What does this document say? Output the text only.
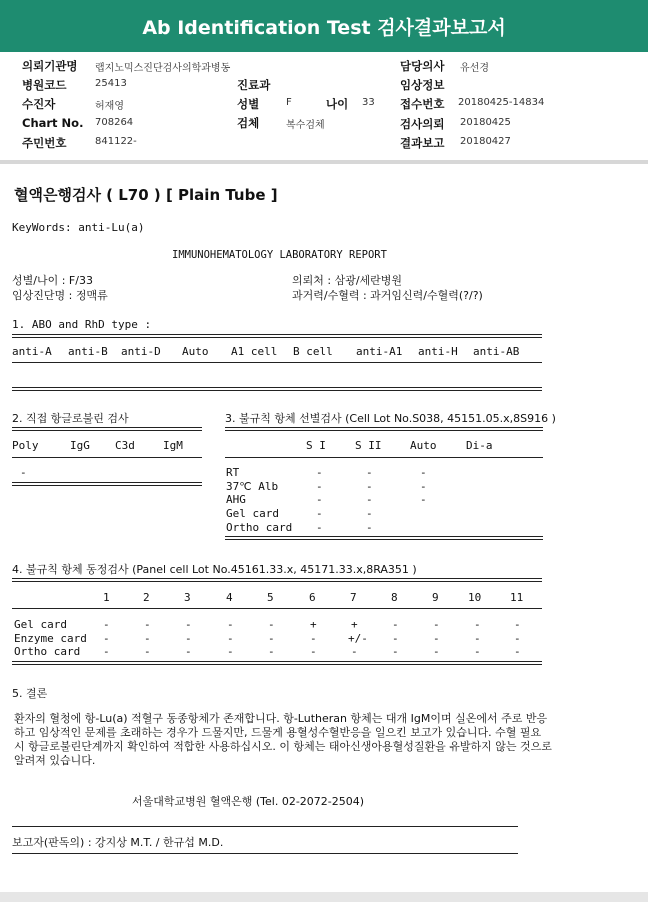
Ab Identification Test 검사결과보고서
의뢰기관명 랩지노믹스진단검사의학과병동	담당의사 유선경
병원코드	25413	진료과	임상정보
수진자	허재영	성별	F	나이 33 접수번호 20180425-14834
Chart No. 708264	검체	복수검체	검사의뢰 20180425
주민번호	841122-	결과보고 20180427
혈액은행검사 ( L70 ) [ Plain Tube ]
KeyWords: anti-Lu(a)
IMMUNOHEMATOLOGY LABORATORY REPORT
성별/나이 : F/33	의뢰처 : 삼광/세란병원
임상진단명 : 정맥류	과거력/수혈력 : 과거임신력/수혈력(?/?)
1. ABO and RhD type :
anti-A anti-B anti-D Auto A1 cell B cell anti-A1 anti-H anti-AB
2. 직접 항글로불린 검사
Poly	IgG C3d	IgM
-
3. 불규칙 항체 선별검사 (Cell Lot No.S038, 45151.05.x,8S916 )
S I	S II	Auto	Di-a
RT	-	-	-
37℃ Alb	-	-	-
AHG	-	-	-
Gel card	-	-
Ortho card -	-
4. 불규칙 항체 동정검사 (Panel cell Lot No.45161.33.x, 45171.33.x,8RA351 )
1	2	3	4	5	6	7	8	9	10	11
Gel card	-	-	-	-	-	+	+	-	-	-	-
Enzyme card -	-	-	-	-	-	+/- -	-	-	-
Ortho card -	-	-	-	-	-	-	-	-	-	-
5. 결론
환자의 혈청에 항-Lu(a) 적혈구 동종항체가 존재합니다. 항-Lutheran 항체는 대개 IgM이며 실온에서 주로 반응하고 임상적인 문제를 초래하는 경우가 드물지만, 드물게 용혈성수혈반응을 일으킨 보고가 있습니다. 수혈 필요 시 항글로불린단계까지 확인하여 적합한 사용하십시오. 이 항체는 태아신생아용혈성질환을 유발하지 않는 것으로 알려져 있습니다.
서울대학교병원 혈액은행 (Tel. 02-2072-2504)
보고자(판독의) : 강지상 M.T. / 한규섭 M.D.
